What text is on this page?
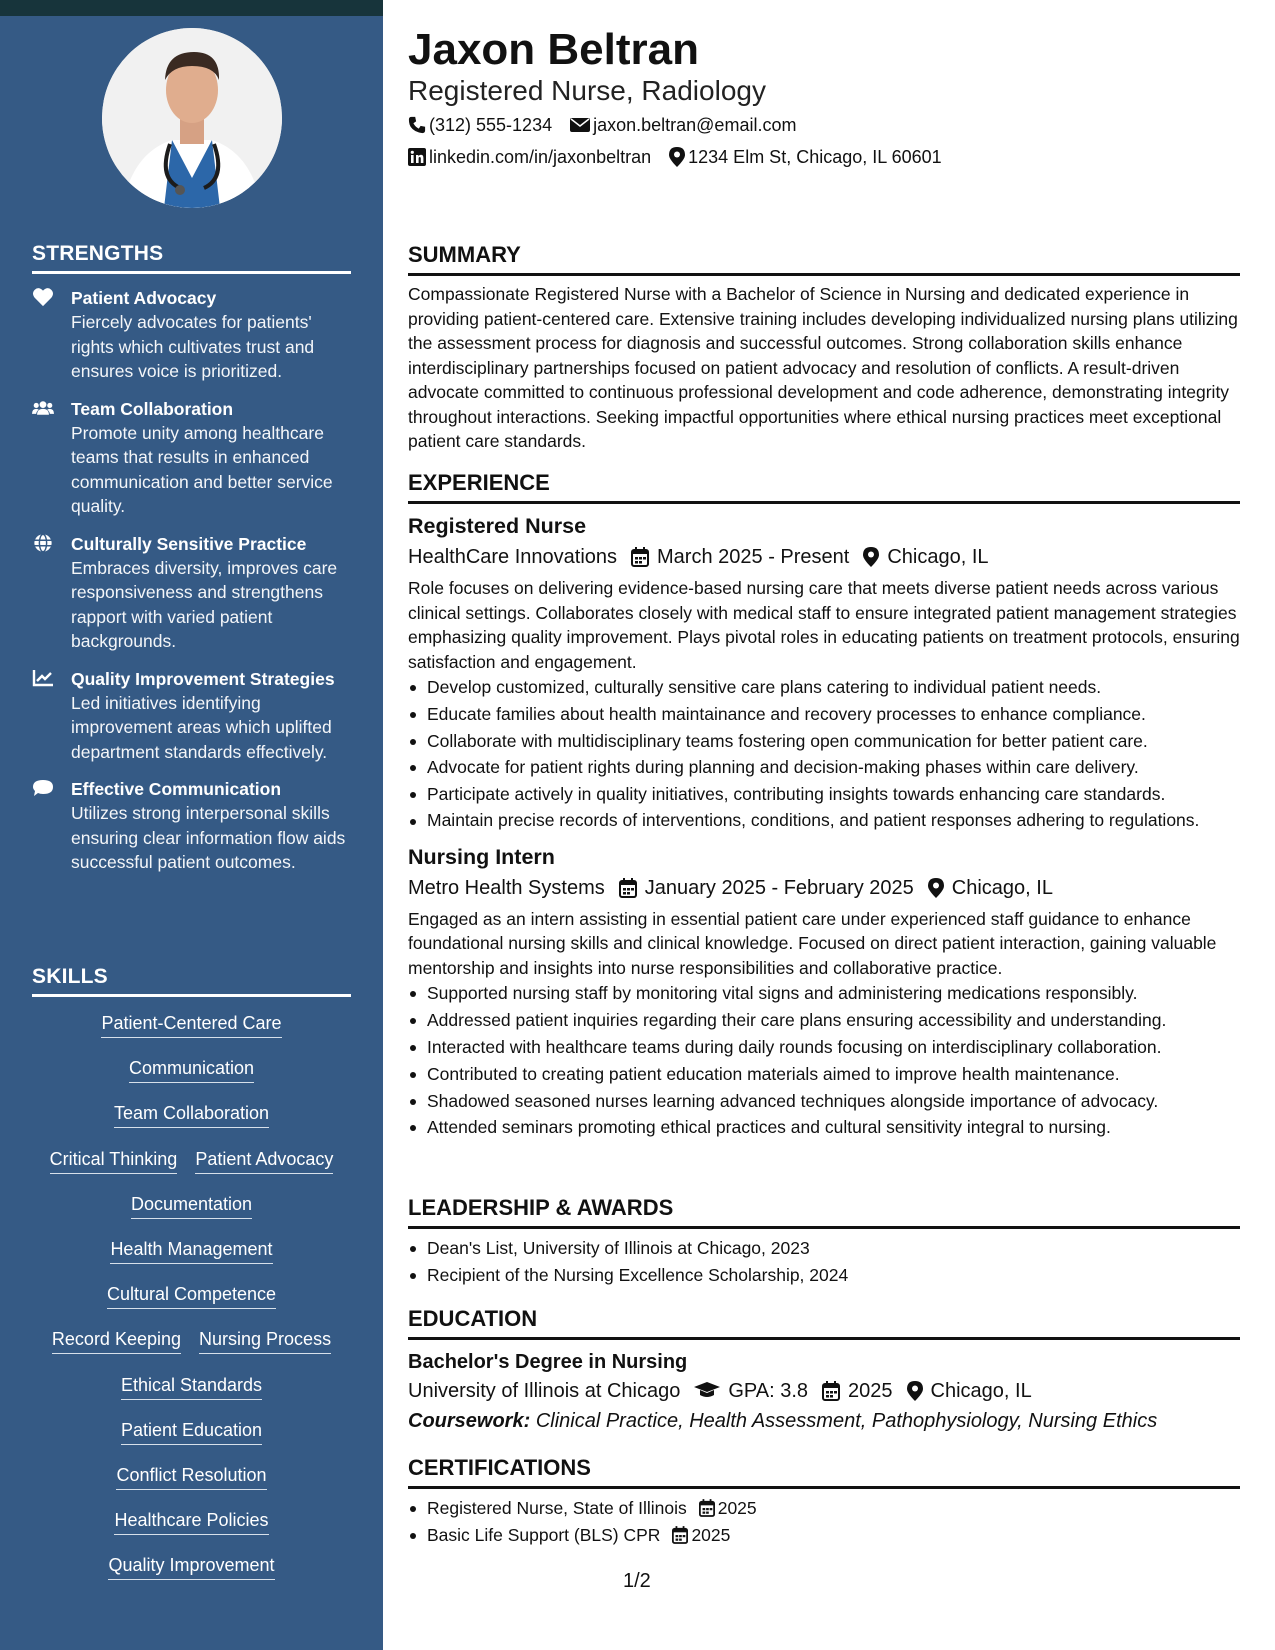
STRENGTHS
Patient Advocacy
Fiercely advocates for patients' rights which cultivates trust and ensures voice is prioritized.
Team Collaboration
Promote unity among healthcare teams that results in enhanced communication and better service quality.
Culturally Sensitive Practice
Embraces diversity, improves care responsiveness and strengthens rapport with varied patient backgrounds.
Quality Improvement Strategies
Led initiatives identifying improvement areas which uplifted department standards effectively.
Effective Communication
Utilizes strong interpersonal skills ensuring clear information flow aids successful patient outcomes.
SKILLS
Patient-Centered Care
Communication
Team Collaboration
Critical Thinking Patient Advocacy
Documentation
Health Management
Cultural Competence
Record Keeping Nursing Process
Ethical Standards
Patient Education
Conflict Resolution
Healthcare Policies
Quality Improvement
Jaxon Beltran
Registered Nurse, Radiology
(312) 555-1234 jaxon.beltran@email.com
linkedin.com/in/jaxonbeltran 1234 Elm St, Chicago, IL 60601
SUMMARY
Compassionate Registered Nurse with a Bachelor of Science in Nursing and dedicated experience in providing patient-centered care. Extensive training includes developing individualized nursing plans utilizing the assessment process for diagnosis and successful outcomes. Strong collaboration skills enhance interdisciplinary partnerships focused on patient advocacy and resolution of conflicts. A result-driven advocate committed to continuous professional development and code adherence, demonstrating integrity throughout interactions. Seeking impactful opportunities where ethical nursing practices meet exceptional patient care standards.
EXPERIENCE
Registered Nurse
HealthCare Innovations March 2025 - Present Chicago, IL
Role focuses on delivering evidence-based nursing care that meets diverse patient needs across various clinical settings. Collaborates closely with medical staff to ensure integrated patient management strategies emphasizing quality improvement. Plays pivotal roles in educating patients on treatment protocols, ensuring satisfaction and engagement.
Develop customized, culturally sensitive care plans catering to individual patient needs.
Educate families about health maintainance and recovery processes to enhance compliance.
Collaborate with multidisciplinary teams fostering open communication for better patient care.
Advocate for patient rights during planning and decision-making phases within care delivery.
Participate actively in quality initiatives, contributing insights towards enhancing care standards.
Maintain precise records of interventions, conditions, and patient responses adhering to regulations.
Nursing Intern
Metro Health Systems January 2025 - February 2025 Chicago, IL
Engaged as an intern assisting in essential patient care under experienced staff guidance to enhance foundational nursing skills and clinical knowledge. Focused on direct patient interaction, gaining valuable mentorship and insights into nurse responsibilities and collaborative practice.
Supported nursing staff by monitoring vital signs and administering medications responsibly.
Addressed patient inquiries regarding their care plans ensuring accessibility and understanding.
Interacted with healthcare teams during daily rounds focusing on interdisciplinary collaboration.
Contributed to creating patient education materials aimed to improve health maintenance.
Shadowed seasoned nurses learning advanced techniques alongside importance of advocacy.
Attended seminars promoting ethical practices and cultural sensitivity integral to nursing.
LEADERSHIP & AWARDS
Dean's List, University of Illinois at Chicago, 2023
Recipient of the Nursing Excellence Scholarship, 2024
EDUCATION
Bachelor's Degree in Nursing
University of Illinois at Chicago GPA: 3.8 2025 Chicago, IL
Coursework: Clinical Practice, Health Assessment, Pathophysiology, Nursing Ethics
CERTIFICATIONS
Registered Nurse, State of Illinois 2025
Basic Life Support (BLS) CPR 2025
1/2
